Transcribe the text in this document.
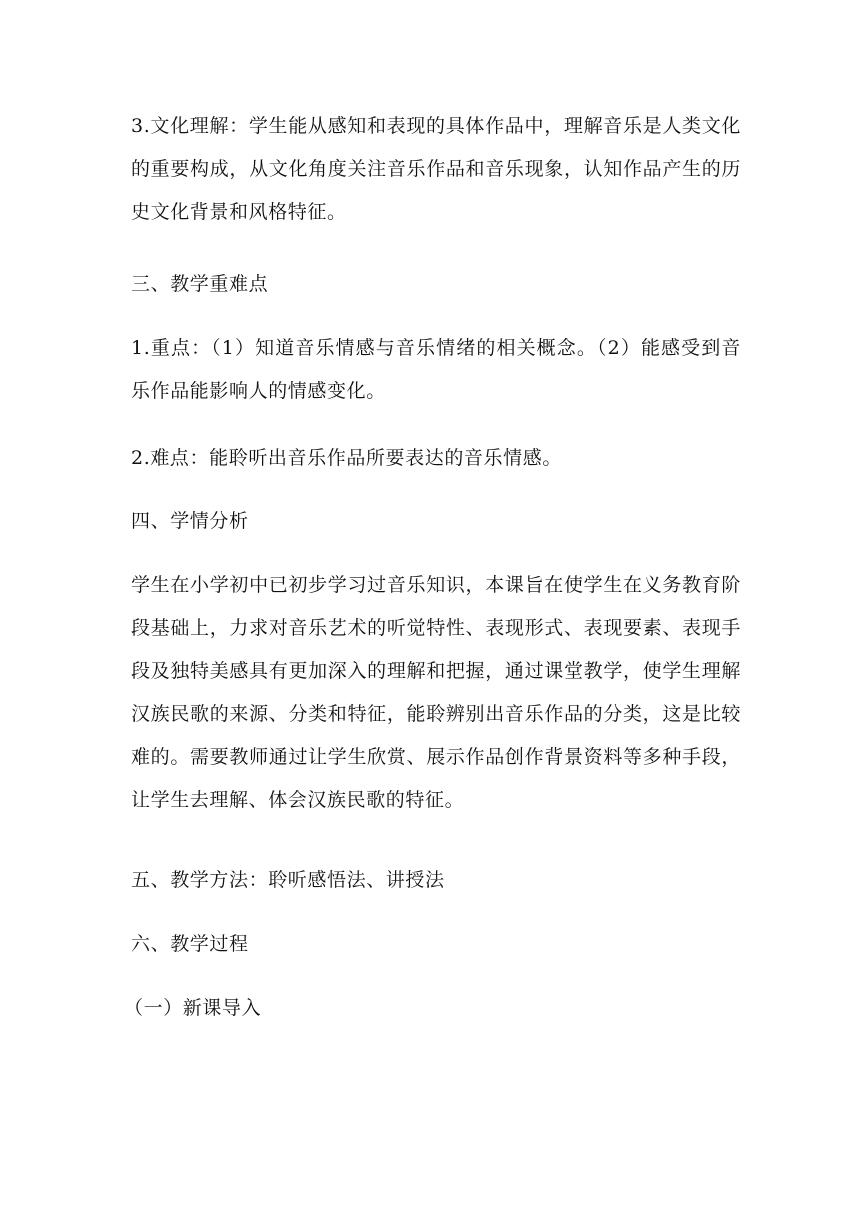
3.文化理解：学生能从感知和表现的具体作品中，理解音乐是人类文化的重要构成，从文化角度关注音乐作品和音乐现象，认知作品产生的历史文化背景和风格特征。

三、教学重难点

1.重点：（1）知道音乐情感与音乐情绪的相关概念。（2）能感受到音乐作品能影响人的情感变化。

2.难点：能聆听出音乐作品所要表达的音乐情感。

四、学情分析

学生在小学初中已初步学习过音乐知识，本课旨在使学生在义务教育阶段基础上，力求对音乐艺术的听觉特性、表现形式、表现要素、表现手段及独特美感具有更加深入的理解和把握，通过课堂教学，使学生理解汉族民歌的来源、分类和特征，能聆辨别出音乐作品的分类，这是比较难的。需要教师通过让学生欣赏、展示作品创作背景资料等多种手段，让学生去理解、体会汉族民歌的特征。

五、教学方法：聆听感悟法、讲授法

六、教学过程

（一）新课导入
